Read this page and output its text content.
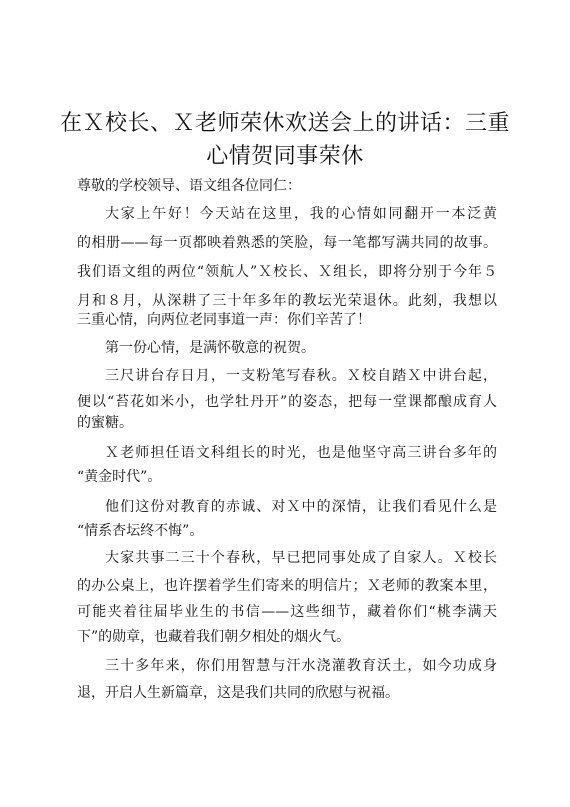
在Ｘ校长、Ｘ老师荣休欢送会上的讲话：三重
心情贺同事荣休
尊敬的学校领导、语文组各位同仁：
大家上午好！今天站在这里，我的心情如同翻开一本泛黄
的相册——每一页都映着熟悉的笑脸，每一笔都写满共同的故事。
我们语文组的两位“领航人”Ｘ校长、Ｘ组长，即将分别于今年５
月和８月，从深耕了三十年多年的教坛光荣退休。此刻，我想以
三重心情，向两位老同事道一声：你们辛苦了！
第一份心情，是满怀敬意的祝贺。
三尺讲台存日月，一支粉笔写春秋。Ｘ校自踏Ｘ中讲台起，
便以“苔花如米小，也学牡丹开”的姿态，把每一堂课都酿成育人
的蜜糖。
Ｘ老师担任语文科组长的时光，也是他坚守高三讲台多年的
“黄金时代”。
他们这份对教育的赤诚、对Ｘ中的深情，让我们看见什么是
“情系杏坛终不悔”。
大家共事二三十个春秋，早已把同事处成了自家人。Ｘ校长
的办公桌上，也许摆着学生们寄来的明信片；Ｘ老师的教案本里，
可能夹着往届毕业生的书信——这些细节，藏着你们“桃李满天
下”的勋章，也藏着我们朝夕相处的烟火气。
三十多年来，你们用智慧与汗水浇灌教育沃土，如今功成身
退，开启人生新篇章，这是我们共同的欣慰与祝福。
